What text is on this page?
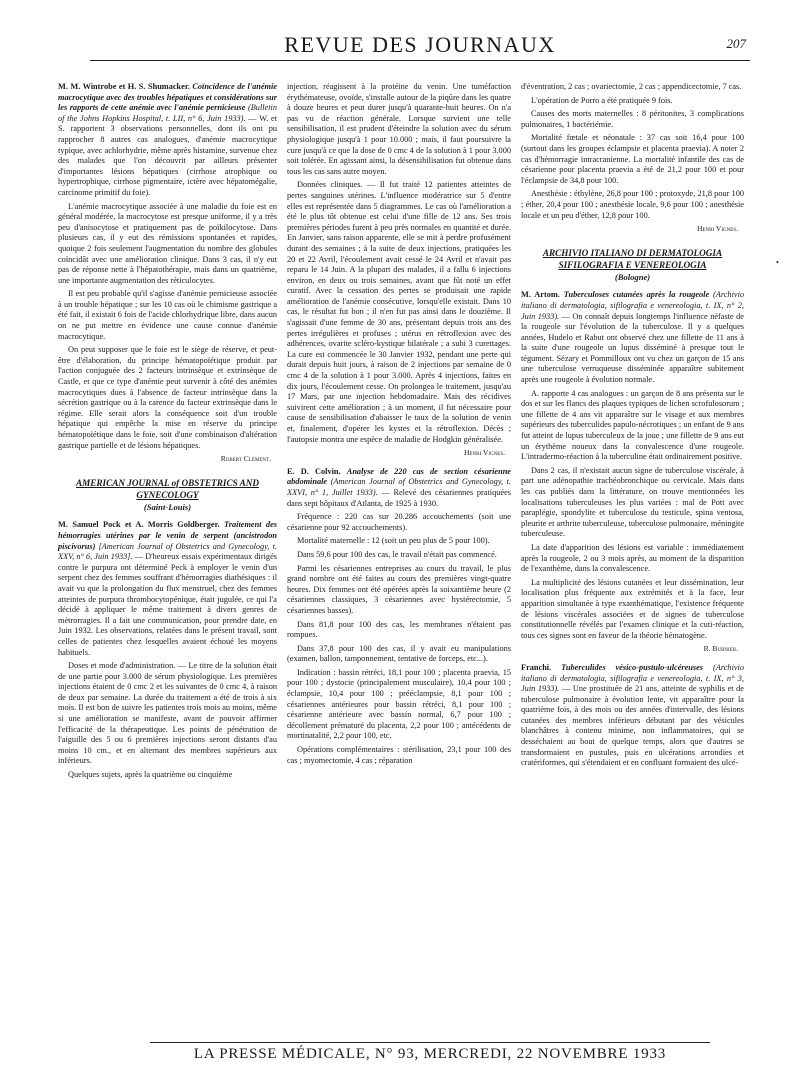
REVUE DES JOURNAUX	207

M. M. Wintrobe et H. S. Shumacker. Coïncidence de l'anémie macrocytique avec des troubles hépatiques et considérations sur les rapports de cette anémie avec l'anémie pernicieuse (Bulletin of the Johns Hopkins Hospital, t. LII, n° 6, Juin 1933). — W. et S. rapportent 3 observations personnelles, dont ils ont pu rapprocher 8 autres cas analogues, d'anémie macrocytique typique, avec achlorhydrie, même après histamine, survenue chez des malades que l'on découvrit par ailleurs présenter d'importantes lésions hépatiques (cirrhose atrophique ou hypertrophique, cirrhose pigmentaire, ictère avec hépatomégalie, carcinome primitif du foie).

L'anémie macrocytique associée à une maladie du foie est en général modérée, la macrocytose est presque uniforme, il y a très peu d'anisocytose et pratiquement pas de poïkilocytose. Dans plusieurs cas, il y eut des rémissions spontanées et rapides, quoique 2 fois seulement l'augmentation du nombre des globules coïncidât avec une amélioration clinique. Dans 3 cas, il n'y eut pas de réponse nette à l'hépatothérapie, mais dans un quatrième, une importante augmentation des réticulocytes.

Il est peu probable qu'il s'agisse d'anémie pernicieuse associée à un trouble hépatique ; sur les 10 cas où le chimisme gastrique a été fait, il existait 6 fois de l'acide chlorhydrique libre, dans aucun on ne put mettre en évidence une cause connue d'anémie macrocytique.

On peut supposer que le foie est le siège de réserve, et peut-être d'élaboration, du principe hématopoïétique produit par l'action conjuguée des 2 facteurs intrinsèque et extrinsèque de Castle, et que ce type d'anémie peut survenir à côté des anémies macrocytiques dues à l'absence de facteur intrinsèque dans la sécrétion gastrique ou à la carence du facteur extrinsèque dans le régime. Elle serait alors la conséquence soit d'un trouble hépatique qui empêche la mise en réserve du principe hématopoïétique dans le foie, soit d'une combinaison d'altération gastrique partielle et de lésions hépatiques.

Robert Clément.
AMERICAN JOURNAL of OBSTETRICS AND GYNECOLOGY
(Saint-Louis)

M. Samuel Pock et A. Morris Goldberger. Traitement des hémorragies utérines par le venin de serpent (ancistrodon piscivorus) [American Journal of Obstetrics and Gynecology, t. XXV, n° 6, Juin 1933]. — D'heureux essais expérimentaux dirigés contre le purpura ont déterminé Peck à employer le venin d'un serpent chez des femmes souffrant d'hémorragies diathésiques : il avait vu que la prolongation du flux menstruel, chez des femmes atteintes de purpura thrombocytopénique, était jugulée, ce qui l'a décidé à appliquer le même traitement à divers genres de métrorragies. Il a fait une communication, pour prendre date, en Juin 1932. Les observations, relatées dans le présent travail, sont celles de patientes chez lesquelles avaient échoué les moyens habituels.

Doses et mode d'administration. — Le titre de la solution était de une partie pour 3.000 de sérum physiologique. Les premières injections étaient de 0 cmc 2 et les suivantes de 0 cmc 4, à raison de deux par semaine. La durée du traitement a été de trois à six mois. Il est bon de suivre les patientes trois mois au moins, même si une amélioration se manifeste, avant de pouvoir affirmer l'efficacité de la thérapeutique. Les points de pénétration de l'aiguille des 5 ou 6 premières injections seront distants d'au moins 10 cm., et en alternant des membres supérieurs aux inférieurs.

Quelques sujets, après la quatrième ou cinquième

injection, réagissent à la protéine du venin. Une tuméfaction érythémateuse, ovoïde, s'installe autour de la piqûre dans les quatre à douze heures et peut durer jusqu'à quarante-huit heures. On n'a pas vu de réaction générale. Lorsque survient une telle sensibilisation, il est prudent d'éteindre la solution avec du sérum physiologique jusqu'à 1 pour 10.000 ; mais, il faut poursuivre la cure jusqu'à ce que la dose de 0 cmc 4 de la solution à 1 pour 3.000 soit tolérée. En agissant ainsi, la désensibilisation fut obtenue dans tous les cas sans autre moyen.

Données cliniques. — Il fut traité 12 patientes atteintes de pertes sanguines utérines. L'influence modératrice sur 5 d'entre elles est représentée dans 5 diagrammes. Le cas où l'amélioration a été le plus tôt obtenue est celui d'une fille de 12 ans. Ses trois premières périodes furent à peu près normales en quantité et durée. En Janvier, sans raison apparente, elle se mit à perdre profusément durant des semaines ; à la suite de deux injections, pratiquées les 20 et 22 Avril, l'écoulement avait cessé le 24 Avril et n'avait pas reparu le 14 Juin. A la plupart des malades, il a fallu 6 injections environ, en deux ou trois semaines, avant que fût noté un effet curatif. Avec la cessation des pertes se produisait une rapide amélioration de l'anémie consécutive, lorsqu'elle existait. Dans 10 cas, le résultat fut bon ; il n'en fut pas ainsi dans le douzième. Il s'agissait d'une femme de 30 ans, présentant depuis trois ans des pertes irrégulières et profuses ; utérus en rétroflexion avec des adhérences, ovarite scléro-kystique bilatérale ; a subi 3 curettages. La cure est commencée le 30 Janvier 1932, pendant une perte qui durait depuis huit jours, à raison de 2 injections par semaine de 0 cmc 4 de la solution à 1 pour 3.000. Après 4 injections, faites en dix jours, l'écoulement cesse. On prolongea le traitement, jusqu'au 17 Mars, par une injection hebdomadaire. Mais des récidives suivirent cette amélioration ; à un moment, il fut nécessaire pour cause de sensibilisation d'abaisser le taux de la solution de venin et, finalement, d'opérer les kystes et la rétroflexion. Décès ; l'autopsie montra une espèce de maladie de Hodgkin généralisée.

Henri Vignes.

E. D. Colvin. Analyse de 220 cas de section césarienne abdominale (American Journal of Obstetrics and Gynecology, t. XXVI, n° 1, Juillet 1933). — Relevé des césariennes pratiquées dans sept hôpitaux d'Atlanta, de 1925 à 1930.

Fréquence : 220 cas sur 20.286 accouchements (soit une césarienne pour 92 accouchements).

Mortalité maternelle : 12 (soit un peu plus de 5 pour 100).

Dans 59,6 pour 100 des cas, le travail n'était pas commencé.

Parmi les césariennes entreprises au cours du travail, le plus grand nombre ont été faites au cours des premières vingt-quatre heures. Dix femmes ont été opérées après la soixantième heure (2 césariennes classiques, 3 césariennes avec hystérectomie, 5 césariennes basses).

Dans 81,8 pour 100 des cas, les membranes n'étaient pas rompues.

Dans 37,8 pour 100 des cas, il y avait eu manipulations (examen, ballon, tamponnement, tentative de forceps, etc...).

Indication : bassin rétréci, 18,1 pour 100 ; placenta praevia, 15 pour 100 ; dystocie (principalement musculaire), 10,4 pour 100 ; éclampsie, 10,4 pour 100 ; prééclampsie, 8,1 pour 100 ; césariennes antérieures pour bassin rétréci, 8,1 pour 100 ; césarienne antérieure avec bassin normal, 6,7 pour 100 ; décollement prématuré du placenta, 2,2 pour 100 ; antécédents de mortinatalité, 2,2 pour 100, etc.

Opérations complémentaires : stérilisation, 23,1 pour 100 des cas ; myomectomie, 4 cas ; réparation

d'éventration, 2 cas ; ovariectomie, 2 cas ; appendicectomie, 7 cas.

L'opération de Porro a été pratiquée 9 fois.

Causes des morts maternelles : 8 péritonites, 3 complications pulmonaires, 1 bactériémie.

Mortalité fœtale et néonatale : 37 cas soit 16,4 pour 100 (surtout dans les groupes éclampsie et placenta praevia). A noter 2 cas d'hémorragie intracranienne. La mortalité infantile des cas de césarienne pour placenta praevia a été de 21,2 pour 100 et pour l'éclampsie de 34,8 pour 100.

Anesthésie : éthylène, 26,8 pour 100 ; protoxyde, 21,8 pour 100 ; éther, 20,4 pour 100 ; anesthésie locale, 9,6 pour 100 ; anesthésie locale et un peu d'éther, 12,8 pour 100.

Henri Vignes.
ARCHIVIO ITALIANO DI DERMATOLOGIA SIFILOGRAFIA E VENEREOLOGIA
(Bologne)

M. Artom. Tuberculoses cutanées après la rougeole (Archivio italiano di dermatologia, sifilografia e venereologia, t. IX, n° 2, Juin 1933). — On connaît depuis longtemps l'influence néfaste de la rougeole sur l'évolution de la tuberculose. Il y a quelques années, Hudelo et Rabut ont observé chez une fillette de 11 ans à la suite d'une rougeole un lupus disséminé à presque tout le tégument. Sézary et Pommilloux ont vu chez un garçon de 15 ans une tuberculose verruqueuse disséminée apparaître subitement après une rougeole à évolution normale.

A. rapporte 4 cas analogues : un garçon de 8 ans présenta sur le dos et sur les flancs des plaques typiques de lichen scrofulosorum ; une fillette de 4 ans vit apparaître sur le visage et aux membres supérieurs des tuberculides papulo-nécrotiques ; un enfant de 9 ans fut atteint de lupus tuberculeux de la joue ; une fillette de 9 ans eut un érythème noueux dans la convalescence d'une rougeole. L'intradermo-réaction à la tuberculine était ordinairement positive.

Dans 2 cas, il n'existait aucun signe de tuberculose viscérale, à part une adénopathie trachéobronchique ou cervicale. Mais dans les cas publiés dans la littérature, on trouve mentionnées les localisations tuberculeuses les plus variées : mal de Pott avec paraplégie, spondylite et tuberculose du testicule, spina ventosa, pleurite et arthrite tuberculeuse, tuberculose pulmonaire, méningite tuberculeuse.

La date d'apparition des lésions est variable : immédiatement après la rougeole, 2 ou 3 mois après, au moment de la disparition de l'exanthème, dans la convalescence.

La multiplicité des lésions cutanées et leur dissémination, leur localisation plus fréquente aux extrémités et à la face, leur apparition simultanée à type exanthématique, l'existence fréquente de lésions viscérales associées et de signes de tuberculose constitutionnelle révélés par l'examen clinique et la cuti-réaction, tous ces signes sont en faveur de la théorie hématogène.

R. Burnier.

Franchi. Tuberculides vésico-pustulo-ulcéreuses (Archivio italiano di dermatologia, sifilografia e venereologia, t. IX, n° 3, Juin 1933). — Une prostituée de 21 ans, atteinte de syphilis et de tuberculose pulmonaire à évolution lente, vit apparaître pour la quatrième fois, à des mois ou des années d'intervalle, des lésions cutanées des membres inférieurs débutant par des vésicules blanchâtres à contenu minime, non inflammatoires, qui se desséchaient au bout de quelque temps, alors que d'autres se transformaient en pustules, puis en ulcérations arrondies et cratériformes, qui s'étendaient et en confluant formaient des ulcé-

•
LA PRESSE MÉDICALE, N° 93, MERCREDI, 22 NOVEMBRE 1933
